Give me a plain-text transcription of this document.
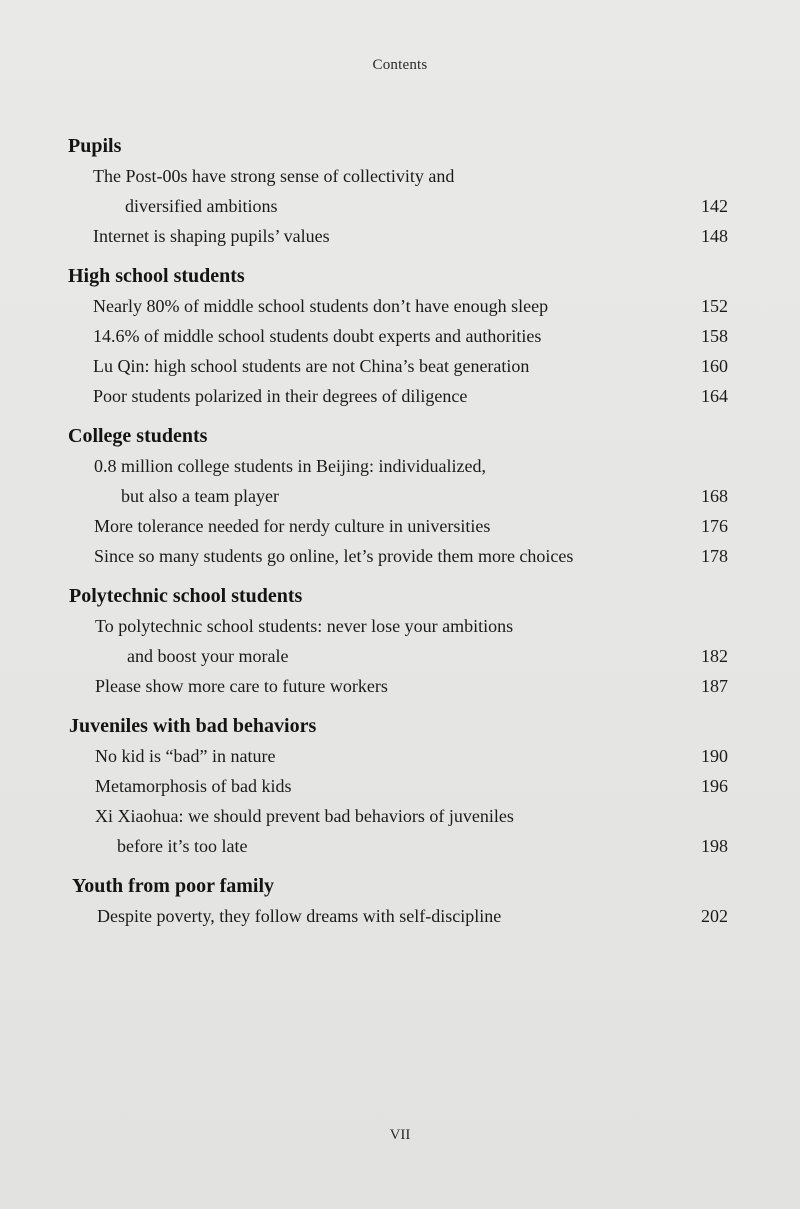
Contents
Pupils
The Post-00s have strong sense of collectivity and
diversified ambitions	142
Internet is shaping pupils’ values	148
High school students
Nearly 80% of middle school students don’t have enough sleep	152
14.6% of middle school students doubt experts and authorities	158
Lu Qin: high school students are not China’s beat generation	160
Poor students polarized in their degrees of diligence	164
College students
0.8 million college students in Beijing: individualized,
but also a team player	168
More tolerance needed for nerdy culture in universities	176
Since so many students go online, let’s provide them more choices	178
Polytechnic school students
To polytechnic school students: never lose your ambitions
and boost your morale	182
Please show more care to future workers	187
Juveniles with bad behaviors
No kid is “bad” in nature	190
Metamorphosis of bad kids	196
Xi Xiaohua: we should prevent bad behaviors of juveniles
before it’s too late	198
Youth from poor family
Despite poverty, they follow dreams with self-discipline	202
VII
